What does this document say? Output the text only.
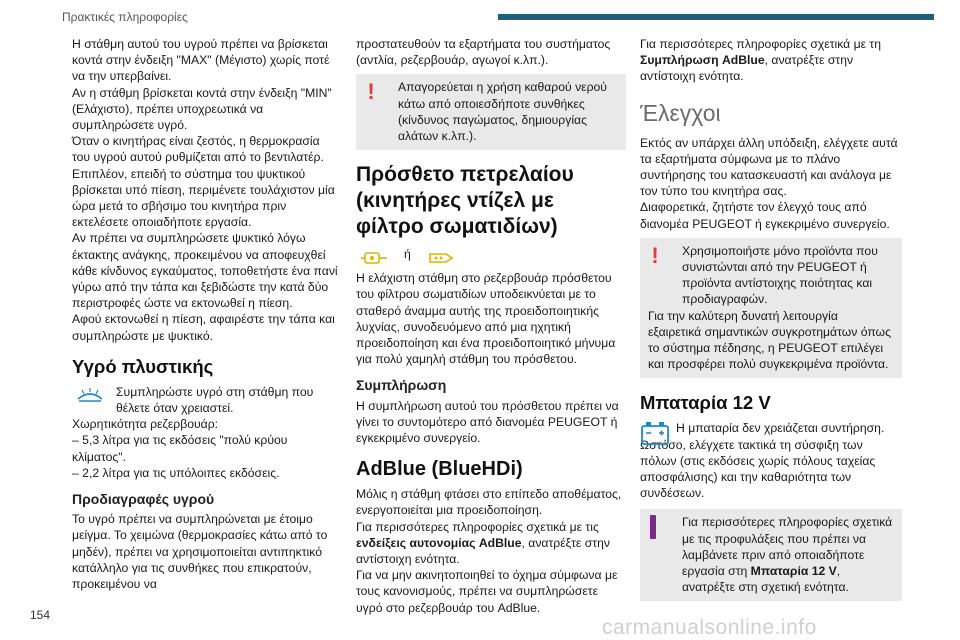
Πρακτικές πληροφορίες

Η στάθμη αυτού του υγρού πρέπει να βρίσκεται κοντά στην ένδειξη "MAX" (Μέγιστο) χωρίς ποτέ να την υπερβαίνει.

Αν η στάθμη βρίσκεται κοντά στην ένδειξη "MIN" (Ελάχιστο), πρέπει υποχρεωτικά να συμπληρώσετε υγρό.

Όταν ο κινητήρας είναι ζεστός, η θερμοκρασία του υγρού αυτού ρυθμίζεται από το βεντιλατέρ.

Επιπλέον, επειδή το σύστημα του ψυκτικού βρίσκεται υπό πίεση, περιμένετε τουλάχιστον μία ώρα μετά το σβήσιμο του κινητήρα πριν εκτελέσετε οποιαδήποτε εργασία.

Αν πρέπει να συμπληρώσετε ψυκτικό λόγω έκτακτης ανάγκης, προκειμένου να αποφευχθεί κάθε κίνδυνος εγκαύματος, τοποθετήστε ένα πανί γύρω από την τάπα και ξεβιδώστε την κατά δύο περιστροφές ώστε να εκτονωθεί η πίεση.

Αφού εκτονωθεί η πίεση, αφαιρέστε την τάπα και συμπληρώστε με ψυκτικό.

Υγρό πλυστικής

Συμπληρώστε υγρό στη στάθμη που θέλετε όταν χρειαστεί.

Χωρητικότητα ρεζερβουάρ:

– 5,3 λίτρα για τις εκδόσεις "πολύ κρύου κλίματος".

– 2,2 λίτρα για τις υπόλοιπες εκδόσεις.

Προδιαγραφές υγρού

Το υγρό πρέπει να συμπληρώνεται με έτοιμο μείγμα. Το χειμώνα (θερμοκρασίες κάτω από το μηδέν), πρέπει να χρησιμοποιείται αντιπηκτικό κατάλληλο για τις συνθήκες που επικρατούν, προκειμένου να

προστατευθούν τα εξαρτήματα του συστήματος (αντλία, ρεζερβουάρ, αγωγοί κ.λπ.).

!	Απαγορεύεται η χρήση καθαρού νερού κάτω από οποιεσδήποτε συνθήκες (κίνδυνος παγώματος, δημιουργίας αλάτων κ.λπ.).
Πρόσθετο πετρελαίου (κινητήρες ντίζελ με φίλτρο σωματιδίων)
ή

Η ελάχιστη στάθμη στο ρεζερβουάρ πρόσθετου του φίλτρου σωματιδίων υποδεικνύεται με το σταθερό άναμμα αυτής της προειδοποιητικής λυχνίας, συνοδευόμενο από μια ηχητική προειδοποίηση και ένα προειδοποιητικό μήνυμα για πολύ χαμηλή στάθμη του πρόσθετου.

Συμπλήρωση

Η συμπλήρωση αυτού του πρόσθετου πρέπει να γίνει το συντομότερο από διανομέα PEUGEOT ή εγκεκριμένο συνεργείο.

AdBlue (BlueHDi)

Μόλις η στάθμη φτάσει στο επίπεδο αποθέματος, ενεργοποιείται μια προειδοποίηση.

Για περισσότερες πληροφορίες σχετικά με τις ενδείξεις αυτονομίας AdBlue, ανατρέξτε στην αντίστοιχη ενότητα.

Για να μην ακινητοποιηθεί το όχημα σύμφωνα με τους κανονισμούς, πρέπει να συμπληρώσετε υγρό στο ρεζερβουάρ του AdBlue.

Για περισσότερες πληροφορίες σχετικά με τη Συμπλήρωση AdBlue, ανατρέξτε στην αντίστοιχη ενότητα.

Έλεγχοι

Εκτός αν υπάρχει άλλη υπόδειξη, ελέγχετε αυτά τα εξαρτήματα σύμφωνα με το πλάνο συντήρησης του κατασκευαστή και ανάλογα με τον τύπο του κινητήρα σας.

Διαφορετικά, ζητήστε τον έλεγχό τους από διανομέα PEUGEOT ή εγκεκριμένο συνεργείο.

!	Χρησιμοποιήστε μόνο προϊόντα που συνιστώνται από την PEUGEOT ή προϊόντα αντίστοιχης ποιότητας και προδιαγραφών.
Για την καλύτερη δυνατή λειτουργία εξαιρετικά σημαντικών συγκροτημάτων όπως το σύστημα πέδησης, η PEUGEOT επιλέγει και προσφέρει πολύ συγκεκριμένα προϊόντα.
Μπαταρία 12 V

Η μπαταρία δεν χρειάζεται συντήρηση. Ωστόσο, ελέγχετε τακτικά τη σύσφιξη των πόλων (στις εκδόσεις χωρίς πόλους ταχείας αποσφάλισης) και την καθαριότητα των συνδέσεων.

Για περισσότερες πληροφορίες σχετικά με τις προφυλάξεις που πρέπει να λαμβάνετε πριν από οποιαδήποτε εργασία στη Μπαταρία 12 V, ανατρέξτε στη σχετική ενότητα.
154
carmanualsonline.info
